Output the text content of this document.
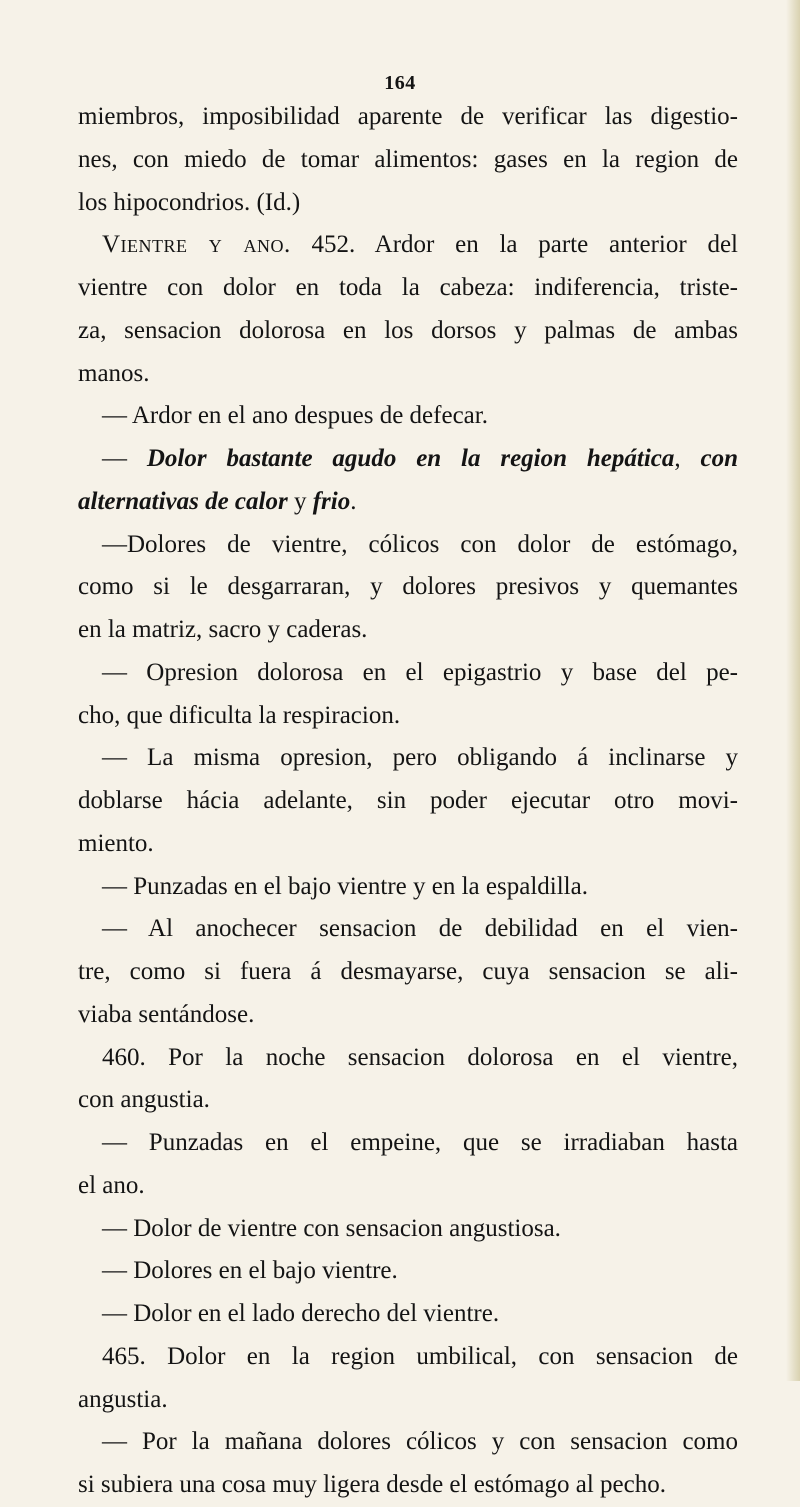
164
miembros, imposibilidad aparente de verificar las digestio-
nes, con miedo de tomar alimentos: gases en la region de
los hipocondrios. (Id.)
Vientre y ano. 452. Ardor en la parte anterior del
vientre con dolor en toda la cabeza: indiferencia, triste-
za, sensacion dolorosa en los dorsos y palmas de ambas
manos.
— Ardor en el ano despues de defecar.
— Dolor bastante agudo en la region hepática, con
alternativas de calor y frio.
—Dolores de vientre, cólicos con dolor de estómago,
como si le desgarraran, y dolores presivos y quemantes
en la matriz, sacro y caderas.
— Opresion dolorosa en el epigastrio y base del pe-
cho, que dificulta la respiracion.
— La misma opresion, pero obligando á inclinarse y
doblarse hácia adelante, sin poder ejecutar otro movi-
miento.
— Punzadas en el bajo vientre y en la espaldilla.
— Al anochecer sensacion de debilidad en el vien-
tre, como si fuera á desmayarse, cuya sensacion se ali-
viaba sentándose.
460. Por la noche sensacion dolorosa en el vientre,
con angustia.
— Punzadas en el empeine, que se irradiaban hasta
el ano.
— Dolor de vientre con sensacion angustiosa.
— Dolores en el bajo vientre.
— Dolor en el lado derecho del vientre.
465. Dolor en la region umbilical, con sensacion de
angustia.
— Por la mañana dolores cólicos y con sensacion como
si subiera una cosa muy ligera desde el estómago al pecho.
